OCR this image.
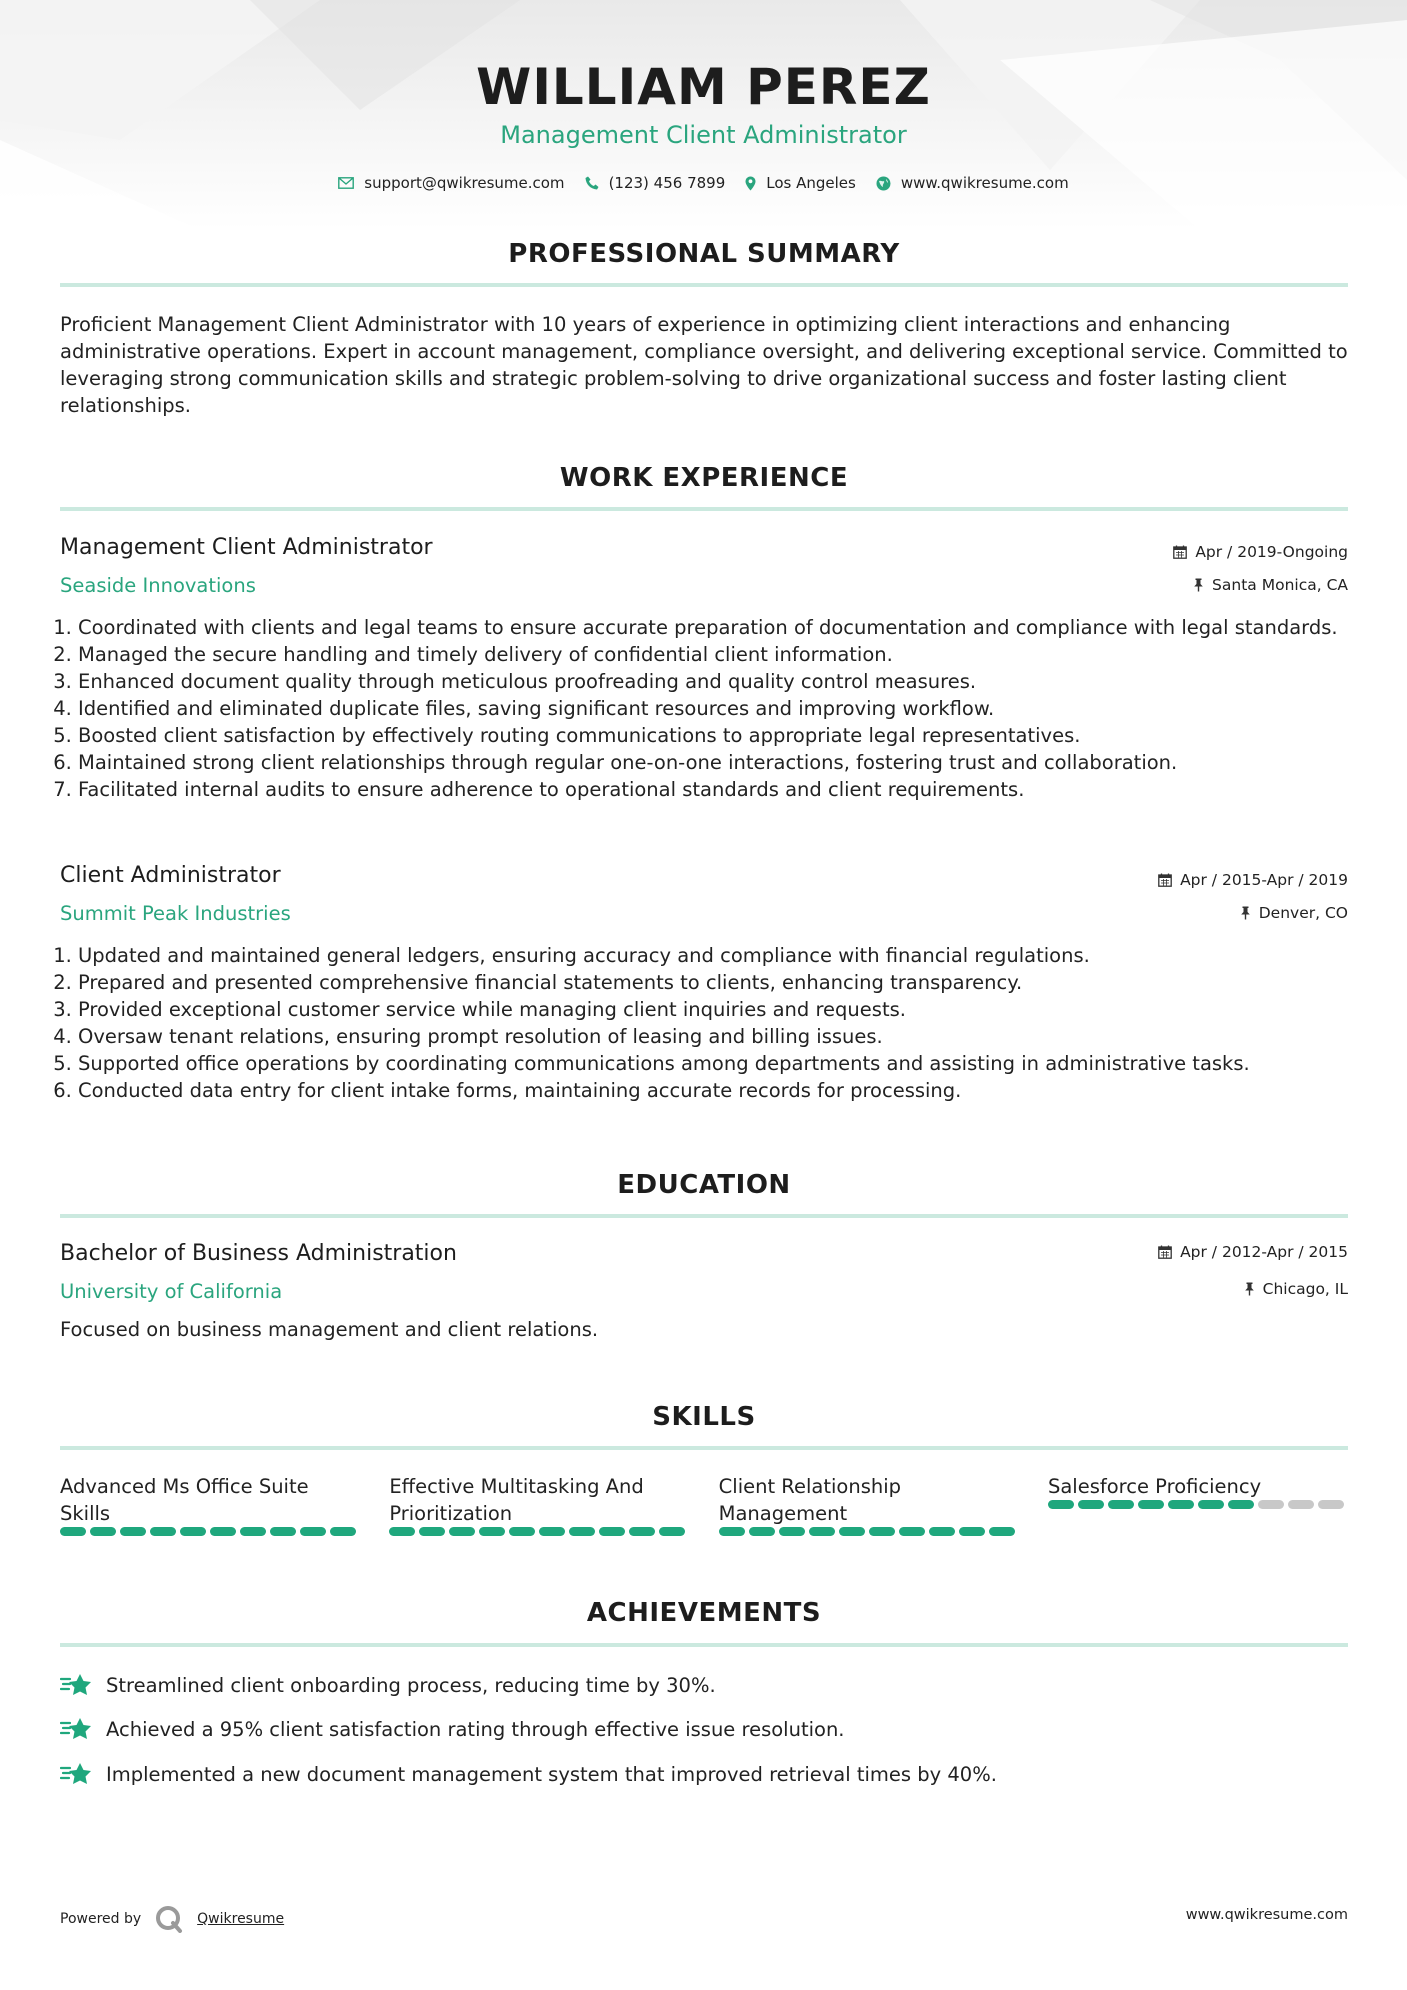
WILLIAM PEREZ
Management Client Administrator
support@qwikresume.com	(123) 456 7899	Los Angeles	www.qwikresume.com
PROFESSIONAL SUMMARY
Proficient Management Client Administrator with 10 years of experience in optimizing client interactions and enhancing administrative operations. Expert in account management, compliance oversight, and delivering exceptional service. Committed to leveraging strong communication skills and strategic problem-solving to drive organizational success and foster lasting client relationships.
WORK EXPERIENCE
Management Client Administrator	Apr / 2019-Ongoing
Seaside Innovations	Santa Monica, CA
1. Coordinated with clients and legal teams to ensure accurate preparation of documentation and compliance with legal standards.
2. Managed the secure handling and timely delivery of confidential client information.
3. Enhanced document quality through meticulous proofreading and quality control measures.
4. Identified and eliminated duplicate files, saving significant resources and improving workflow.
5. Boosted client satisfaction by effectively routing communications to appropriate legal representatives.
6. Maintained strong client relationships through regular one-on-one interactions, fostering trust and collaboration.
7. Facilitated internal audits to ensure adherence to operational standards and client requirements.
Client Administrator	Apr / 2015-Apr / 2019
Summit Peak Industries	Denver, CO
1. Updated and maintained general ledgers, ensuring accuracy and compliance with financial regulations.
2. Prepared and presented comprehensive financial statements to clients, enhancing transparency.
3. Provided exceptional customer service while managing client inquiries and requests.
4. Oversaw tenant relations, ensuring prompt resolution of leasing and billing issues.
5. Supported office operations by coordinating communications among departments and assisting in administrative tasks.
6. Conducted data entry for client intake forms, maintaining accurate records for processing.
EDUCATION
Bachelor of Business Administration	Apr / 2012-Apr / 2015
University of California	Chicago, IL
Focused on business management and client relations.
SKILLS
Advanced Ms Office Suite Skills
Effective Multitasking And Prioritization
Client Relationship Management
Salesforce Proficiency
ACHIEVEMENTS
Streamlined client onboarding process, reducing time by 30%.
Achieved a 95% client satisfaction rating through effective issue resolution.
Implemented a new document management system that improved retrieval times by 40%.
Powered by	Qwikresume	www.qwikresume.com
